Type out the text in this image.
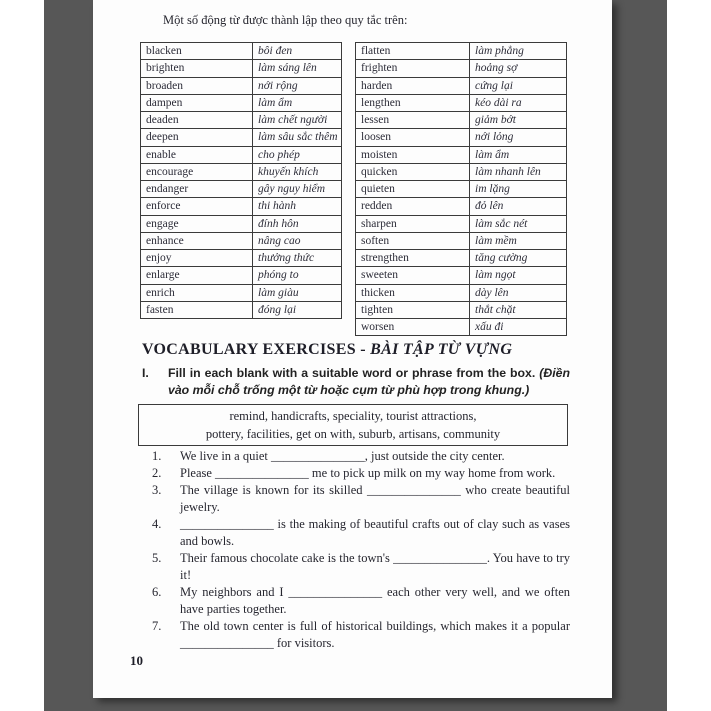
Một số động từ được thành lập theo quy tắc trên:
blacken	bôi đen
brighten	làm sáng lên
broaden	nới rộng
dampen	làm ẩm
deaden	làm chết người
deepen	làm sâu sắc thêm
enable	cho phép
encourage	khuyến khích
endanger	gây nguy hiểm
enforce	thi hành
engage	đính hôn
enhance	nâng cao
enjoy	thưởng thức
enlarge	phóng to
enrich	làm giàu
fasten	đóng lại
flatten	làm phẳng
frighten	hoảng sợ
harden	cứng lại
lengthen	kéo dài ra
lessen	giảm bớt
loosen	nới lỏng
moisten	làm ẩm
quicken	làm nhanh lên
quieten	im lặng
redden	đỏ lên
sharpen	làm sắc nét
soften	làm mềm
strengthen	tăng cường
sweeten	làm ngọt
thicken	dày lên
tighten	thắt chặt
worsen	xấu đi
VOCABULARY EXERCISES - BÀI TẬP TỪ VỰNG
I.	Fill in each blank with a suitable word or phrase from the box. (Điền vào mỗi chỗ trống một từ hoặc cụm từ phù hợp trong khung.)
remind, handicrafts, speciality, tourist attractions,
pottery, facilities, get on with, suburb, artisans, community
1.	We live in a quiet _______________, just outside the city center.
2.	Please _______________ me to pick up milk on my way home from work.
3.	The village is known for its skilled _______________ who create beautiful jewelry.
4.	_______________ is the making of beautiful crafts out of clay such as vases and bowls.
5.	Their famous chocolate cake is the town's _______________. You have to try it!
6.	My neighbors and I _______________ each other very well, and we often have parties together.
7.	The old town center is full of historical buildings, which makes it a popular _______________ for visitors.
10
